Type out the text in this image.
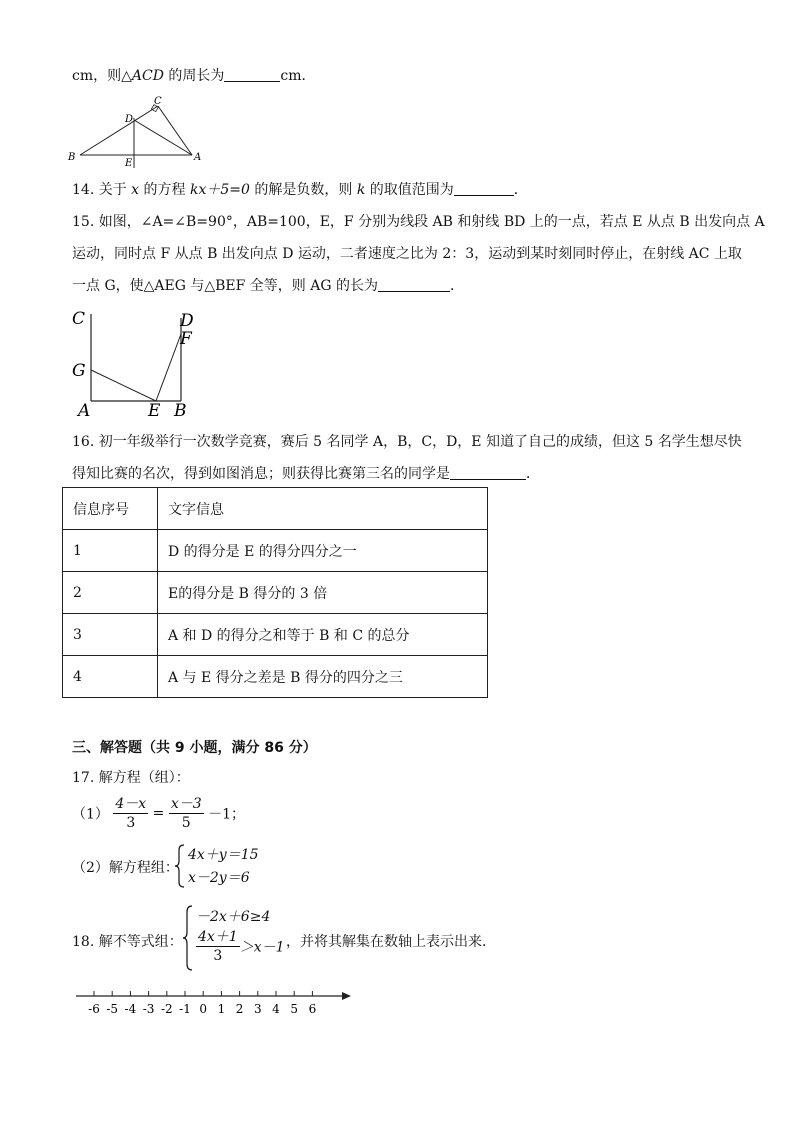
cm，则△ACD 的周长为	cm．
B	A
C
D
E
14. 关于 x 的方程 kx＋5=0 的解是负数，则 k 的取值范围为	．
15. 如图，∠A=∠B=90°，AB=100，E，F 分别为线段 AB 和射线 BD 上的一点，若点 E 从点 B 出发向点 A
运动，同时点 F 从点 B 出发向点 D 运动，二者速度之比为 2：3，运动到某时刻同时停止，在射线 AC 上取
一点 G，使△AEG 与△BEF 全等，则 AG 的长为	．
C	D
F
G
A	E B
16. 初一年级举行一次数学竞赛，赛后 5 名同学 A，B，C，D，E 知道了自己的成绩，但这 5 名学生想尽快
得知比赛的名次，得到如图消息；则获得比赛第三名的同学是	．
信息序号	文字信息
1	D 的得分是 E 的得分四分之一
2	E的得分是 B 得分的 3 倍
3	A 和 D 的得分之和等于 B 和 C 的总分
4	A 与 E 得分之差是 B 得分的四分之三
三、解答题（共 9 小题，满分 86 分）
17. 解方程（组）：
$(1) \frac{4-x}{3} = \frac{x-3}{5} -1$；
（2）解方程组：
4x＋y＝15
x－2y＝6
18. 解不等式组：
－2x＋6≥4
$\frac{4x+1}{3} >x-1$ ，并将其解集在数轴上表示出来．
-6 -5 -4 -3 -2 -1 0 1 2 3 4 5 6
